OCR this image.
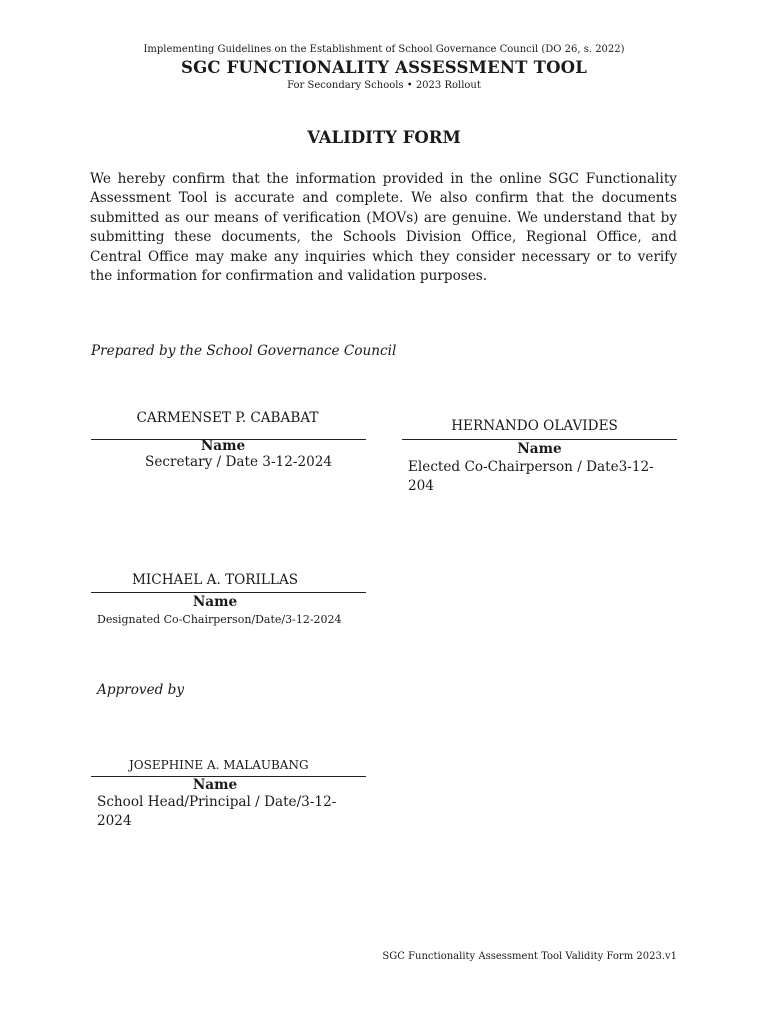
Implementing Guidelines on the Establishment of School Governance Council (DO 26, s. 2022)
SGC FUNCTIONALITY ASSESSMENT TOOL
For Secondary Schools • 2023 Rollout
VALIDITY FORM
We hereby confirm that the information provided in the online SGC Functionality Assessment Tool is accurate and complete. We also confirm that the documents submitted as our means of verification (MOVs) are genuine. We understand that by submitting these documents, the Schools Division Office, Regional Office, and Central Office may make any inquiries which they consider necessary or to verify the information for confirmation and validation purposes.
Prepared by the School Governance Council
CARMENSET P. CABABAT
Name
Secretary / Date 3-12-2024
HERNANDO OLAVIDES
Name
Elected Co-Chairperson / Date3-12-
204
MICHAEL A. TORILLAS
Name
Designated Co-Chairperson/Date/3-12-2024
Approved by
JOSEPHINE A. MALAUBANG
Name
School Head/Principal / Date/3-12-
2024
SGC Functionality Assessment Tool Validity Form 2023.v1
